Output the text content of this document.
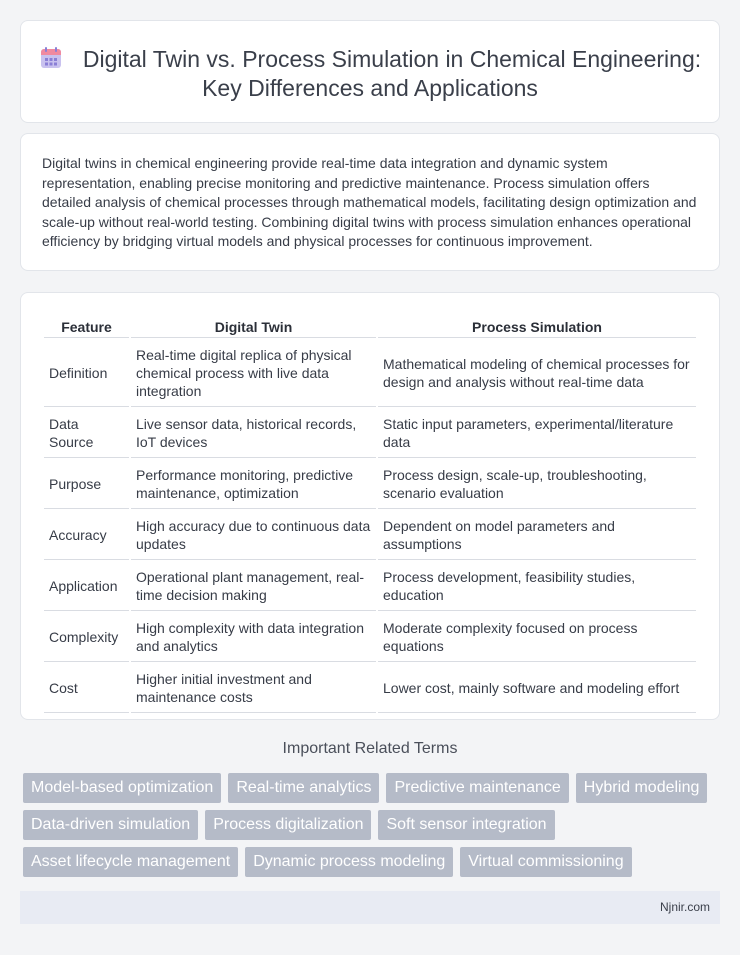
Digital Twin vs. Process Simulation in Chemical Engineering: Key Differences and Applications
Digital twins in chemical engineering provide real-time data integration and dynamic system representation, enabling precise monitoring and predictive maintenance. Process simulation offers detailed analysis of chemical processes through mathematical models, facilitating design optimization and scale-up without real-world testing. Combining digital twins with process simulation enhances operational efficiency by bridging virtual models and physical processes for continuous improvement.
Feature	Digital Twin	Process Simulation
Definition	Real-time digital replica of physical chemical process with live data integration	Mathematical modeling of chemical processes for design and analysis without real-time data
Data Source	Live sensor data, historical records, IoT devices	Static input parameters, experimental/literature data
Purpose	Performance monitoring, predictive maintenance, optimization	Process design, scale-up, troubleshooting, scenario evaluation
Accuracy	High accuracy due to continuous data updates	Dependent on model parameters and assumptions
Application	Operational plant management, real-time decision making	Process development, feasibility studies, education
Complexity	High complexity with data integration and analytics	Moderate complexity focused on process equations
Cost	Higher initial investment and maintenance costs	Lower cost, mainly software and modeling effort
Important Related Terms
Model-based optimization	Real-time analytics	Predictive maintenance	Hybrid modeling
Data-driven simulation	Process digitalization	Soft sensor integration
Asset lifecycle management	Dynamic process modeling	Virtual commissioning
Njnir.com
